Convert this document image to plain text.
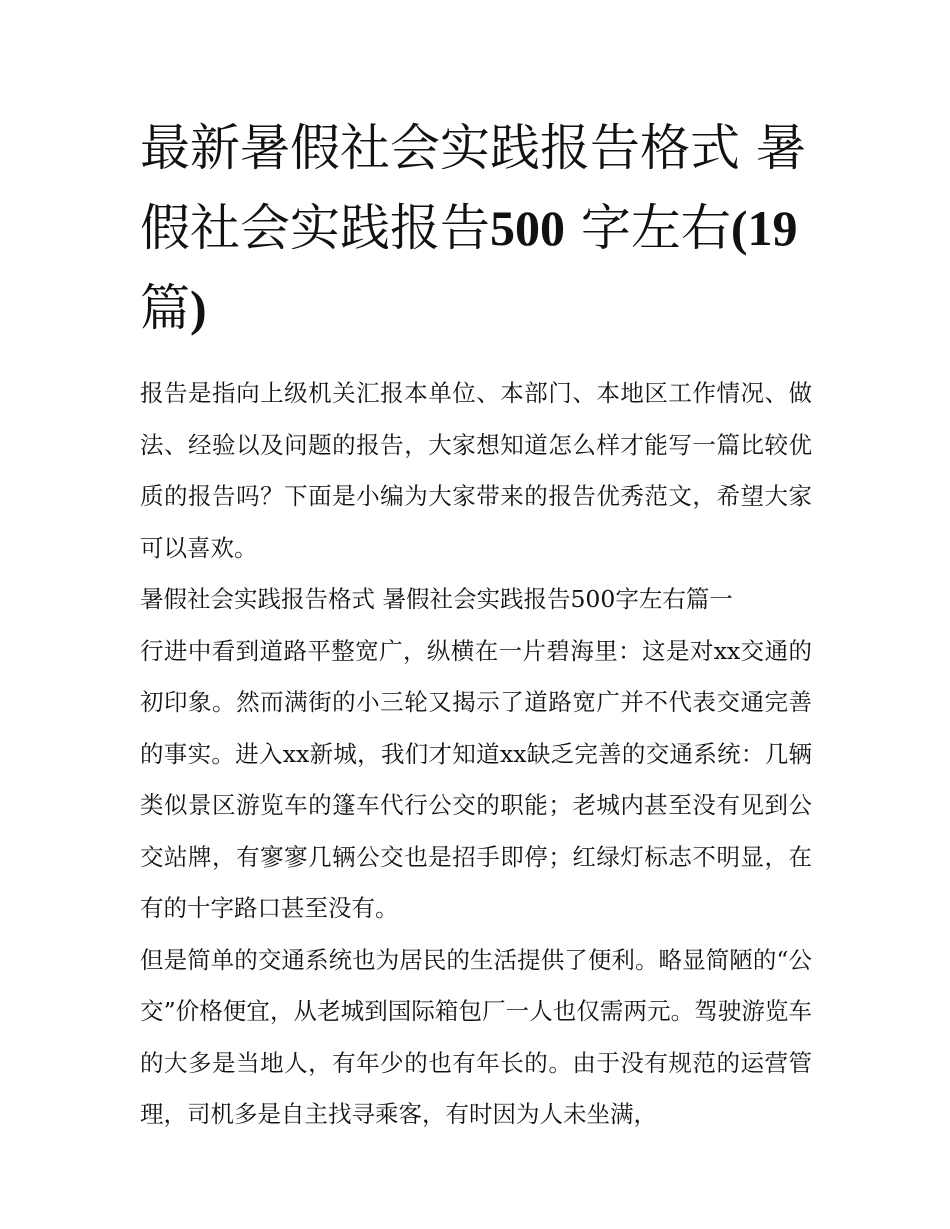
最新暑假社会实践报告格式 暑假社会实践报告500 字左右(19
篇)

报告是指向上级机关汇报本单位、本部门、本地区工作情况、做法、经验以及问题的报告，大家想知道怎么样才能写一篇比较优质的报告吗？下面是小编为大家带来的报告优秀范文，希望大家可以喜欢。

暑假社会实践报告格式 暑假社会实践报告500字左右篇一

行进中看到道路平整宽广，纵横在一片碧海里：这是对xx交通的初印象。然而满街的小三轮又揭示了道路宽广并不代表交通完善的事实。进入xx新城，我们才知道xx缺乏完善的交通系统：几辆类似景区游览车的篷车代行公交的职能；老城内甚至没有见到公交站牌，有寥寥几辆公交也是招手即停；红绿灯标志不明显，在有的十字路口甚至没有。

但是简单的交通系统也为居民的生活提供了便利。略显简陋的“公交”价格便宜，从老城到国际箱包厂一人也仅需两元。驾驶游览车的大多是当地人，有年少的也有年长的。由于没有规范的运营管理，司机多是自主找寻乘客，有时因为人未坐满，
